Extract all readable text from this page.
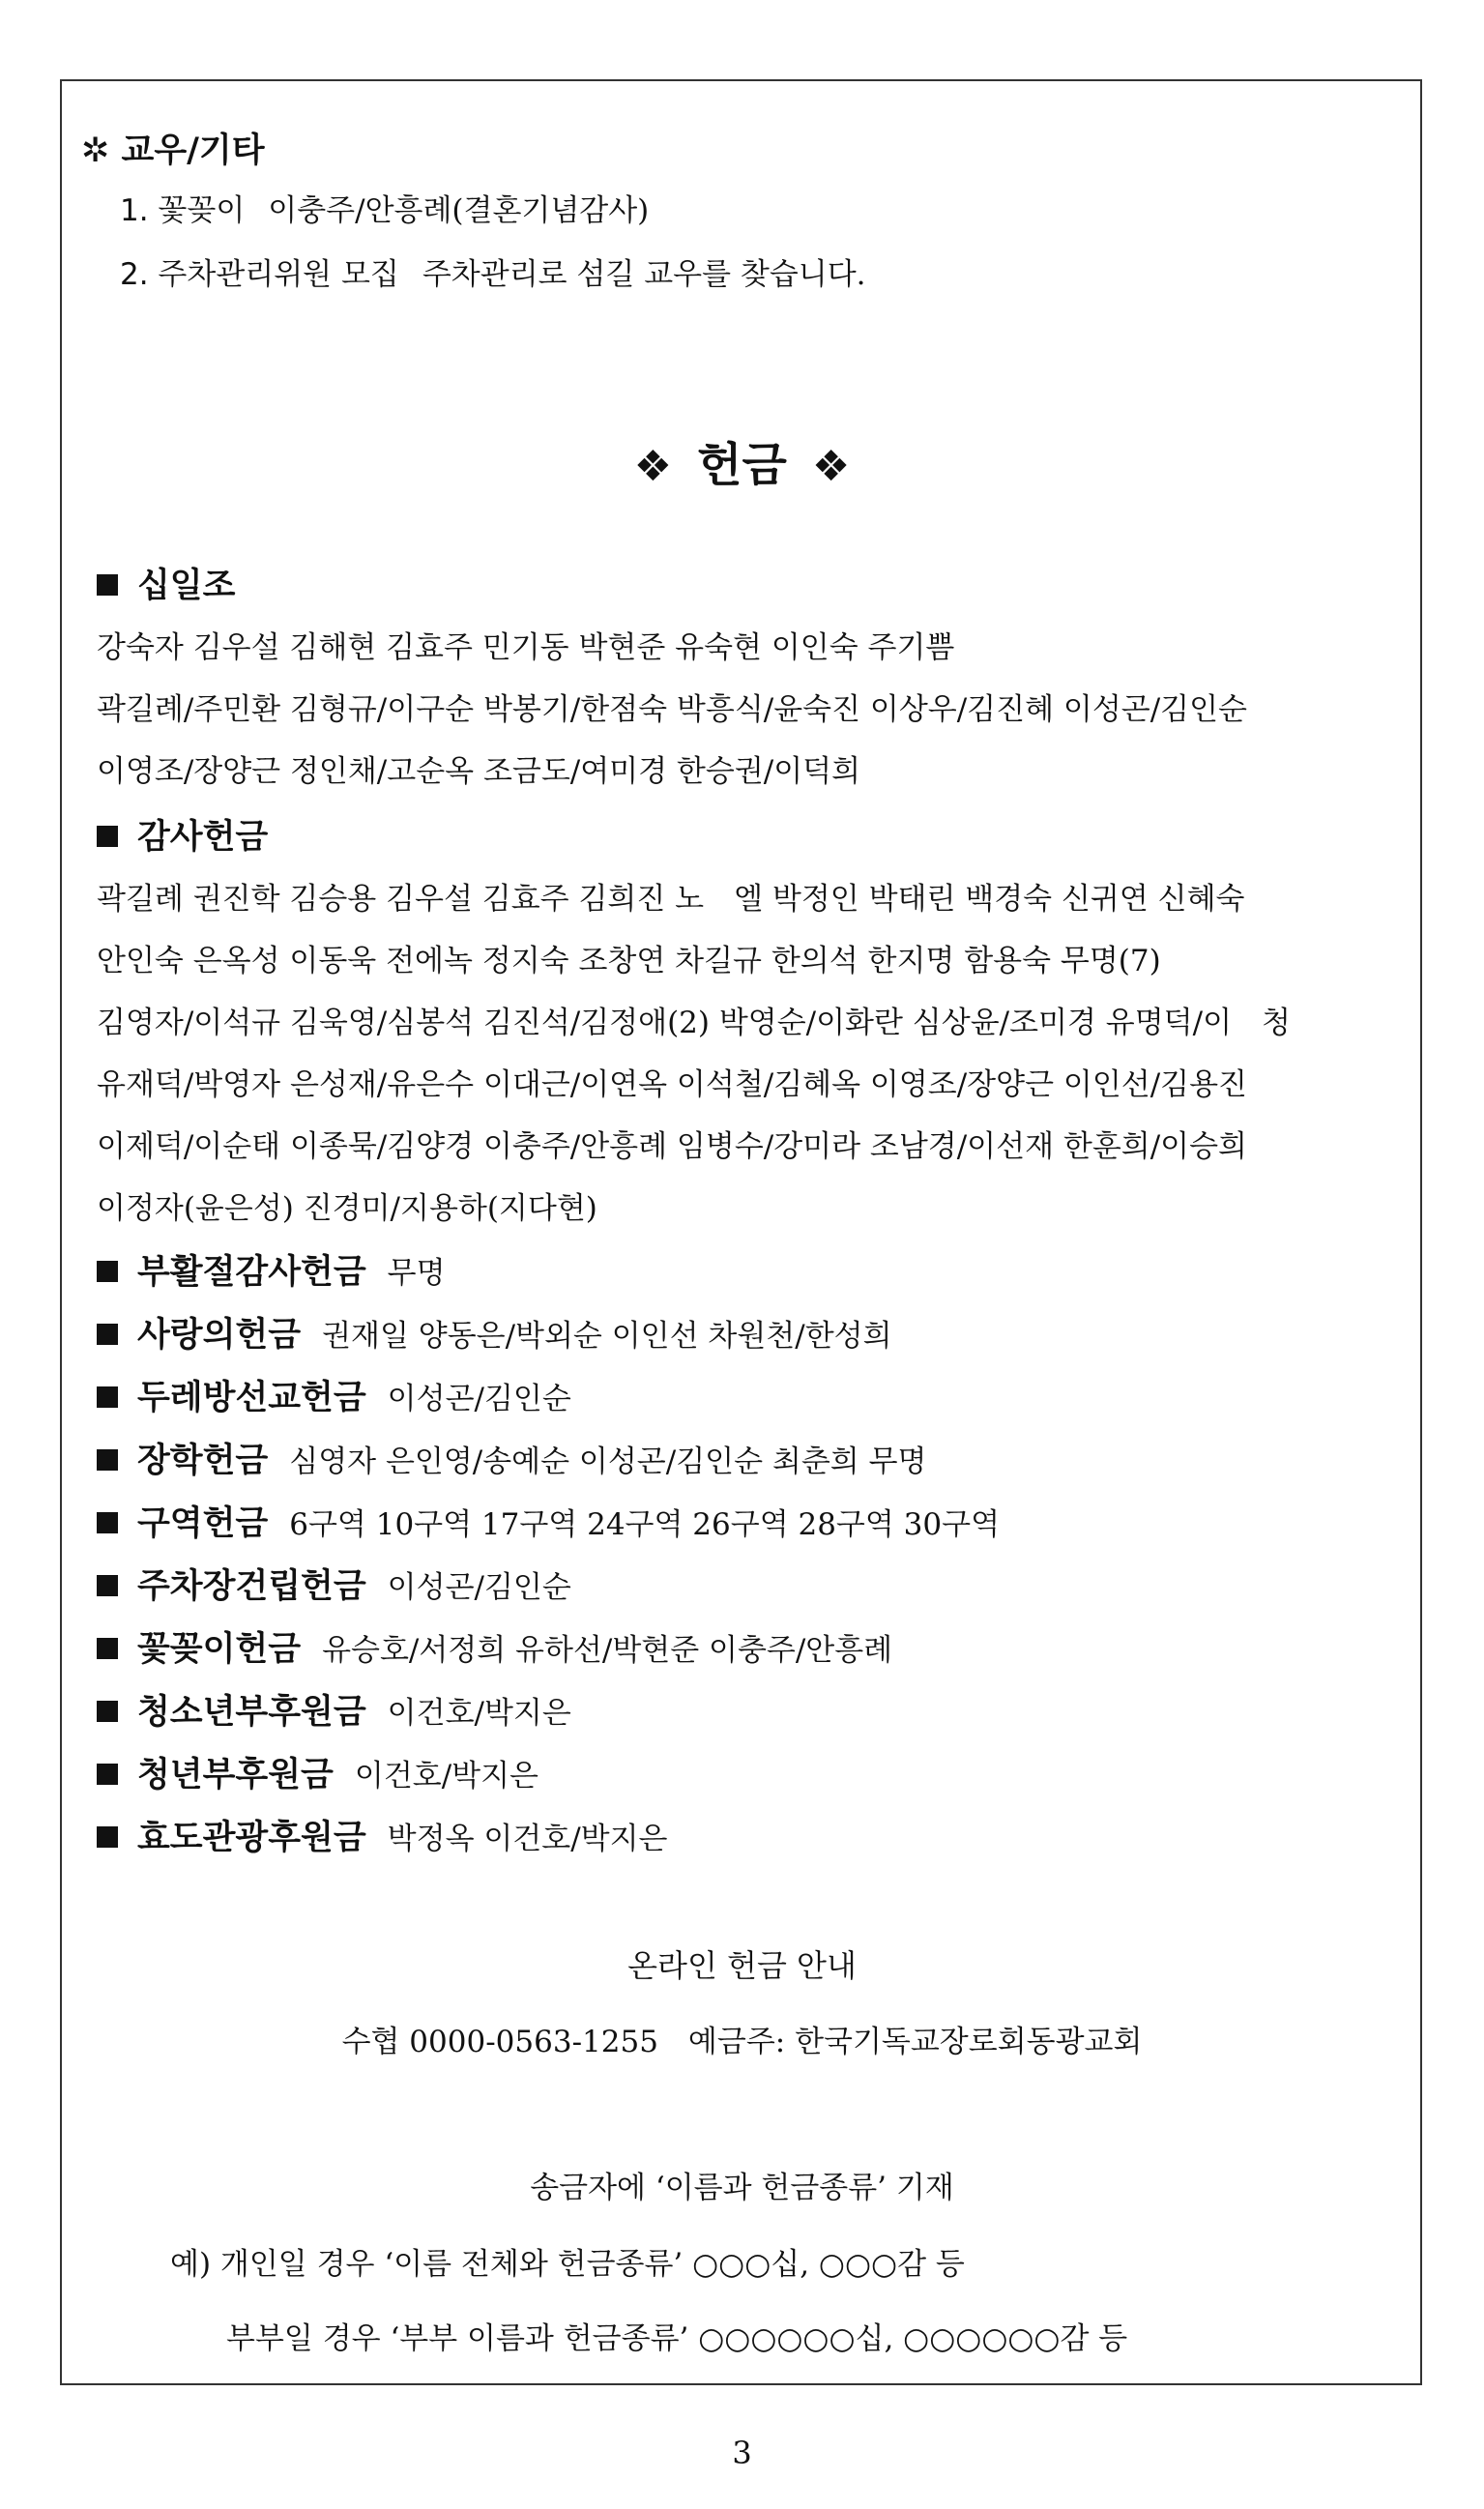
✲ 교우/기타
1. 꽃꽂이 이충주/안흥례(결혼기념감사)
2. 주차관리위원 모집 주차관리로 섬길 교우를 찾습니다.
❖ 헌금 ❖
십일조
강숙자 김우설 김해현 김효주 민기동 박현준 유숙현 이인숙 주기쁨
곽길례/주민환 김형규/이구순 박봉기/한점숙 박흥식/윤숙진 이상우/김진혜 이성곤/김인순
이영조/장양근 정인채/고순옥 조금도/여미경 한승권/이덕희
감사헌금
곽길례 권진학 김승용 김우설 김효주 김희진 노　엘 박정인 박태린 백경숙 신귀연 신혜숙
안인숙 은옥성 이동욱 전에녹 정지숙 조창연 차길규 한의석 한지명 함용숙 무명(7)
김영자/이석규 김욱영/심봉석 김진석/김정애(2) 박영순/이화란 심상윤/조미경 유명덕/이　청
유재덕/박영자 은성재/유은수 이대근/이연옥 이석철/김혜옥 이영조/장양근 이인선/김용진
이제덕/이순태 이종묵/김양경 이충주/안흥례 임병수/강미라 조남경/이선재 한훈희/이승희
이정자(윤은성) 진경미/지용하(지다현)
부활절감사헌금 무명
사랑의헌금 권재일 양동은/박외순 이인선 차원천/한성희
두레방선교헌금 이성곤/김인순
장학헌금 심영자 은인영/송예순 이성곤/김인순 최춘희 무명
구역헌금 6구역 10구역 17구역 24구역 26구역 28구역 30구역
주차장건립헌금 이성곤/김인순
꽃꽂이헌금 유승호/서정희 유하선/박현준 이충주/안흥례
청소년부후원금 이건호/박지은
청년부후원금 이건호/박지은
효도관광후원금 박정옥 이건호/박지은
온라인 헌금 안내
수협 0000-0563-1255　예금주: 한국기독교장로회동광교회
송금자에 ‘이름과 헌금종류’ 기재
예) 개인일 경우 ‘이름 전체와 헌금종류’ ○○○십, ○○○감 등
부부일 경우 ‘부부 이름과 헌금종류’ ○○○○○○십, ○○○○○○감 등
3
